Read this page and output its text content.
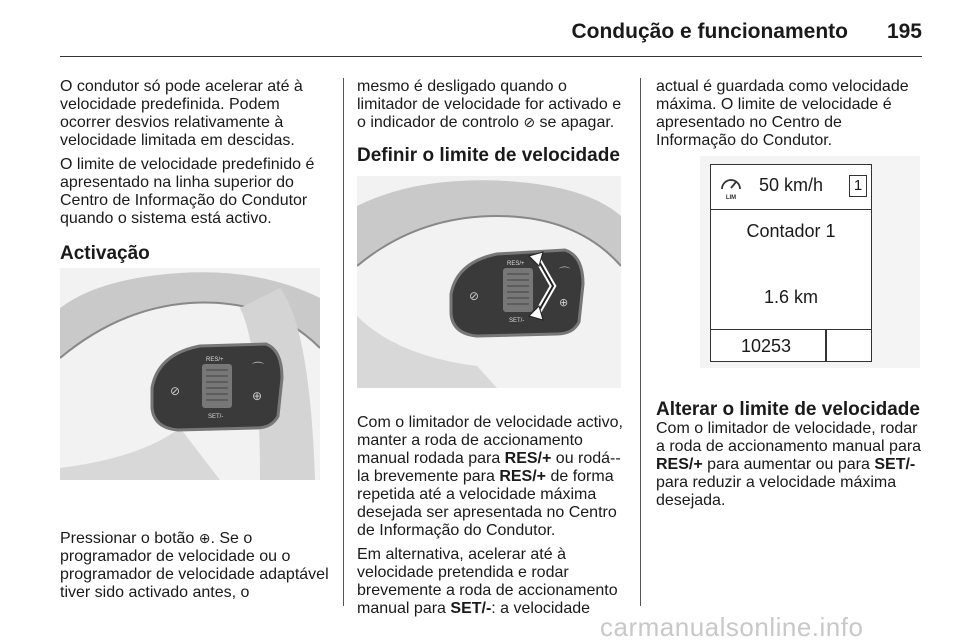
Condução e funcionamento 195

O condutor só pode acelerar até à velocidade predefinida. Podem ocorrer desvios relativamente à velocidade limitada em descidas.

O limite de velocidade predefinido é apresentado na linha superior do Centro de Informação do Condutor quando o sistema está activo.

Activação

Pressionar o botão ⊕. Se o programador de velocidade ou o programador de velocidade adaptável tiver sido activado antes, o

RES/+
SET/-
⊘
⌒
⊕

mesmo é desligado quando o limitador de velocidade for activado e o indicador de controlo ⊘ se apagar.

Definir o limite de velocidade

Com o limitador de velocidade activo, manter a roda de accionamento manual rodada para RES/+ ou rodá--la brevemente para RES/+ de forma repetida até a velocidade máxima desejada ser apresentada no Centro de Informação do Condutor.

Em alternativa, acelerar até à velocidade pretendida e rodar brevemente a roda de accionamento manual para SET/-: a velocidade

RES/+
SET/-
⊘
⌒
⊕

actual é guardada como velocidade máxima. O limite de velocidade é apresentado no Centro de Informação do Condutor.

Alterar o limite de velocidade

Com o limitador de velocidade, rodar a roda de accionamento manual para RES/+ para aumentar ou para SET/- para reduzir a velocidade máxima desejada.

LIM
50 km/h	1
Contador 1
1.6 km
10253
carmanualsonline.info
